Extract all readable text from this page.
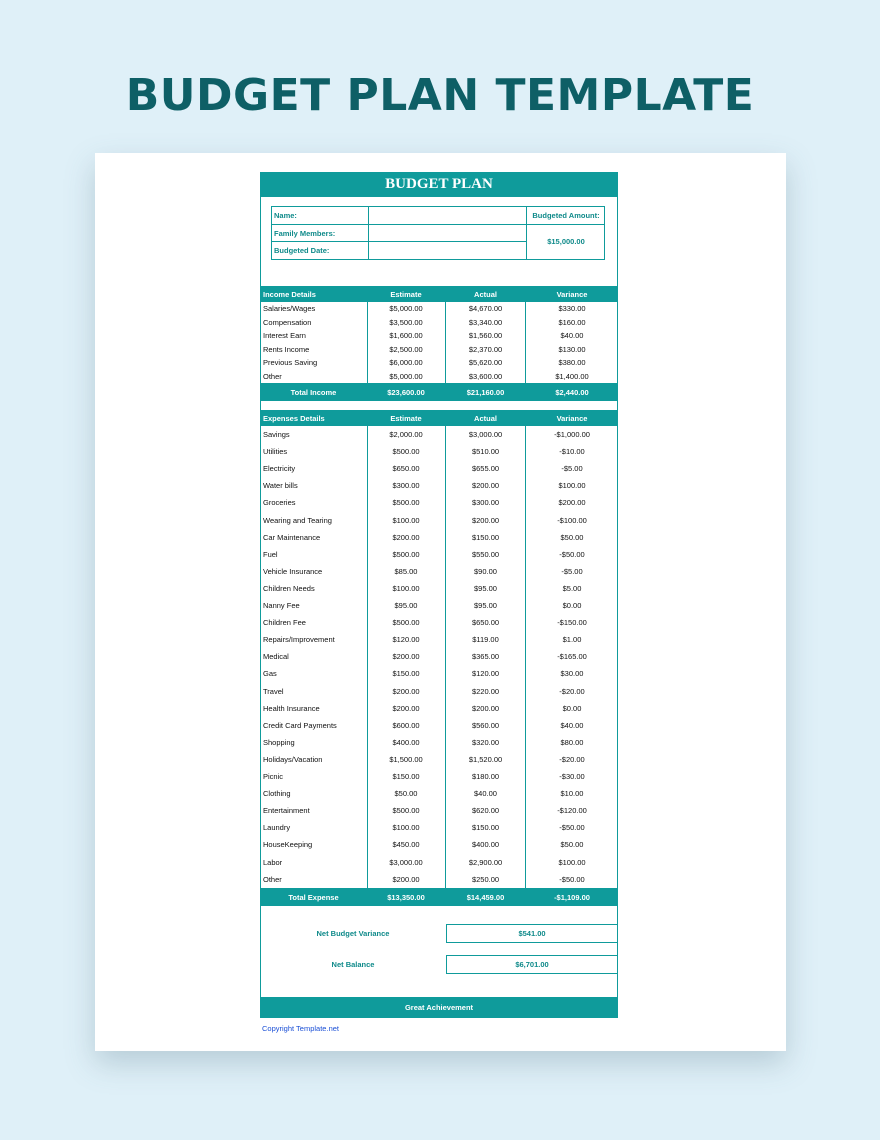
BUDGET PLAN TEMPLATE
BUDGET PLAN
Name:
Family Members:
Budgeted Date:
Budgeted Amount:
$15,000.00
Income Details	Estimate	Actual	Variance
Salaries/Wages	$5,000.00	$4,670.00	$330.00
Compensation	$3,500.00	$3,340.00	$160.00
Interest Earn	$1,600.00	$1,560.00	$40.00
Rents Income	$2,500.00	$2,370.00	$130.00
Previous Saving	$6,000.00	$5,620.00	$380.00
Other	$5,000.00	$3,600.00	$1,400.00
Total Income	$23,600.00	$21,160.00	$2,440.00
Expenses Details	Estimate	Actual	Variance
Savings	$2,000.00	$3,000.00	-$1,000.00
Utilities	$500.00	$510.00	-$10.00
Electricity	$650.00	$655.00	-$5.00
Water bills	$300.00	$200.00	$100.00
Groceries	$500.00	$300.00	$200.00
Wearing and Tearing	$100.00	$200.00	-$100.00
Car Maintenance	$200.00	$150.00	$50.00
Fuel	$500.00	$550.00	-$50.00
Vehicle Insurance	$85.00	$90.00	-$5.00
Children Needs	$100.00	$95.00	$5.00
Nanny Fee	$95.00	$95.00	$0.00
Children Fee	$500.00	$650.00	-$150.00
Repairs/Improvement	$120.00	$119.00	$1.00
Medical	$200.00	$365.00	-$165.00
Gas	$150.00	$120.00	$30.00
Travel	$200.00	$220.00	-$20.00
Health Insurance	$200.00	$200.00	$0.00
Credit Card Payments	$600.00	$560.00	$40.00
Shopping	$400.00	$320.00	$80.00
Holidays/Vacation	$1,500.00	$1,520.00	-$20.00
Picnic	$150.00	$180.00	-$30.00
Clothing	$50.00	$40.00	$10.00
Entertainment	$500.00	$620.00	-$120.00
Laundry	$100.00	$150.00	-$50.00
HouseKeeping	$450.00	$400.00	$50.00
Labor	$3,000.00	$2,900.00	$100.00
Other	$200.00	$250.00	-$50.00
Total Expense	$13,350.00	$14,459.00	-$1,109.00
Net Budget Variance	$541.00
Net Balance	$6,701.00
Great Achievement
Copyright Template.net
